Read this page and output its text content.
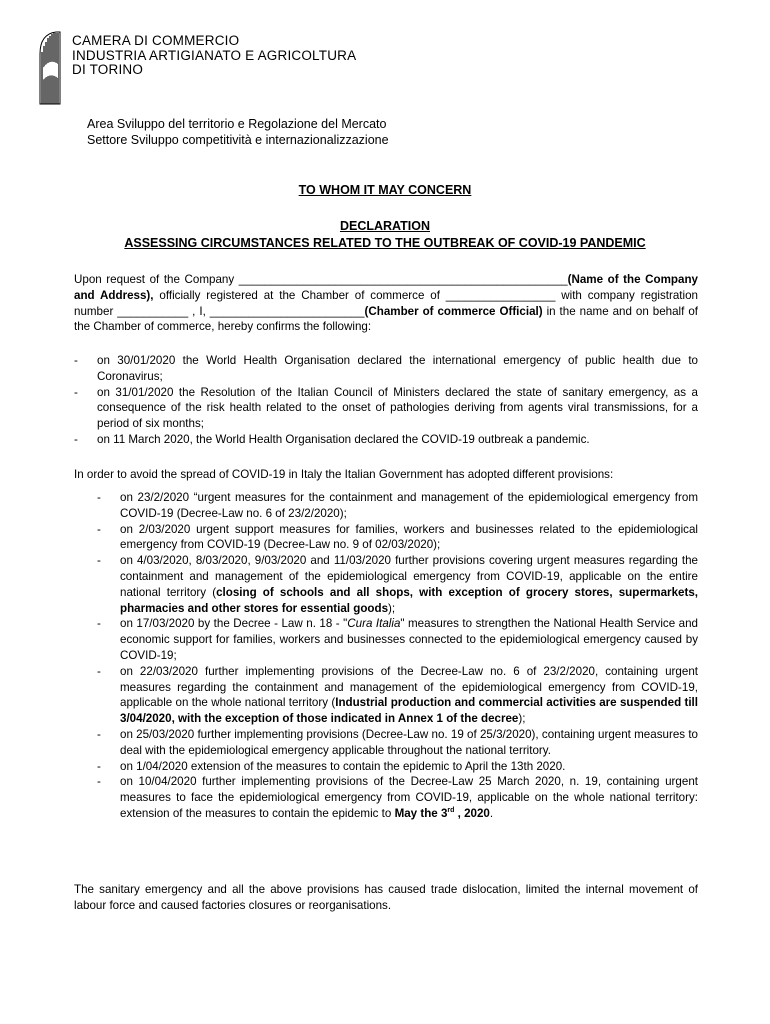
CAMERA DI COMMERCIO
INDUSTRIA ARTIGIANATO E AGRICOLTURA
DI TORINO
Area Sviluppo del territorio e Regolazione del Mercato
Settore Sviluppo competitività e internazionalizzazione
TO WHOM IT MAY CONCERN
DECLARATION
ASSESSING CIRCUMSTANCES RELATED TO THE OUTBREAK OF COVID-19 PANDEMIC
Upon request of the Company ___________________________________________________(Name of the Company and Address), officially registered at the Chamber of commerce of _________________ with company registration number ___________ , I, ________________________(Chamber of commerce Official) in the name and on behalf of the Chamber of commerce, hereby confirms the following:
- on 30/01/2020 the World Health Organisation declared the international emergency of public health due to Coronavirus;
- on 31/01/2020 the Resolution of the Italian Council of Ministers declared the state of sanitary emergency, as a consequence of the risk health related to the onset of pathologies deriving from agents viral transmissions, for a period of six months;
- on 11 March 2020, the World Health Organisation declared the COVID-19 outbreak a pandemic.
In order to avoid the spread of COVID-19 in Italy the Italian Government has adopted different provisions:
- on 23/2/2020 “urgent measures for the containment and management of the epidemiological emergency from COVID-19 (Decree-Law no. 6 of 23/2/2020);
- on 2/03/2020 urgent support measures for families, workers and businesses related to the epidemiological emergency from COVID-19 (Decree-Law no. 9 of 02/03/2020);
- on 4/03/2020, 8/03/2020, 9/03/2020 and 11/03/2020 further provisions covering urgent measures regarding the containment and management of the epidemiological emergency from COVID-19, applicable on the entire national territory (closing of schools and all shops, with exception of grocery stores, supermarkets, pharmacies and other stores for essential goods);
- on 17/03/2020 by the Decree - Law n. 18 - "Cura Italia" measures to strengthen the National Health Service and economic support for families, workers and businesses connected to the epidemiological emergency caused by COVID-19;
- on 22/03/2020 further implementing provisions of the Decree-Law no. 6 of 23/2/2020, containing urgent measures regarding the containment and management of the epidemiological emergency from COVID-19, applicable on the whole national territory (Industrial production and commercial activities are suspended till 3/04/2020, with the exception of those indicated in Annex 1 of the decree);
- on 25/03/2020 further implementing provisions (Decree-Law no. 19 of 25/3/2020), containing urgent measures to deal with the epidemiological emergency applicable throughout the national territory.
- on 1/04/2020 extension of the measures to contain the epidemic to April the 13th 2020.
- on 10/04/2020 further implementing provisions of the Decree-Law 25 March 2020, n. 19, containing urgent measures to face the epidemiological emergency from COVID-19, applicable on the whole national territory: extension of the measures to contain the epidemic to May the 3rd , 2020.
The sanitary emergency and all the above provisions has caused trade dislocation, limited the internal movement of labour force and caused factories closures or reorganisations.
